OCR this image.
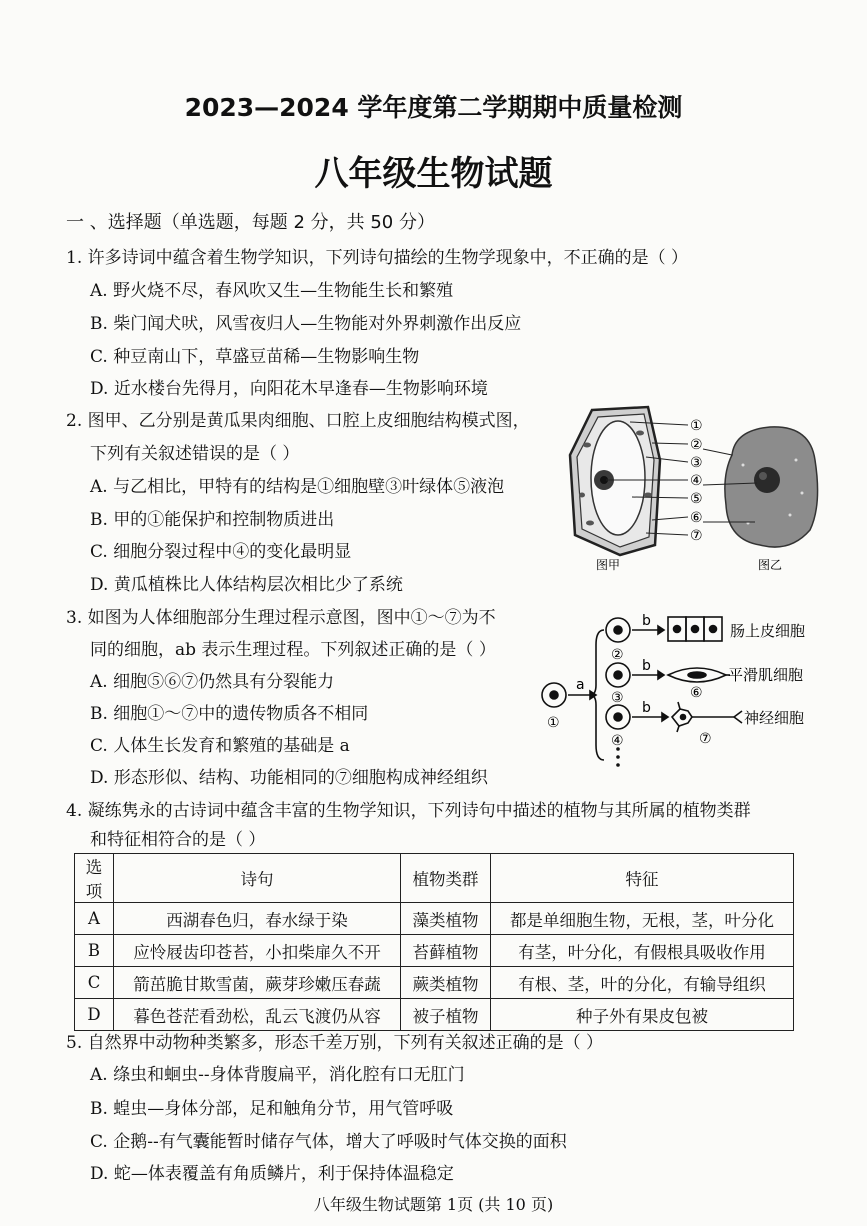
2023—2024 学年度第二学期期中质量检测
八年级生物试题
一 、选择题（单选题，每题 2 分，共 50 分）
1. 许多诗词中蕴含着生物学知识，下列诗句描绘的生物学现象中，不正确的是（ ）
A. 野火烧不尽，春风吹又生—生物能生长和繁殖
B. 柴门闻犬吠，风雪夜归人—生物能对外界刺激作出反应
C. 种豆南山下，草盛豆苗稀—生物影响生物
D. 近水楼台先得月，向阳花木早逢春—生物影响环境
2. 图甲、乙分别是黄瓜果肉细胞、口腔上皮细胞结构模式图，
下列有关叙述错误的是（ ）
A. 与乙相比，甲特有的结构是①细胞壁③叶绿体⑤液泡
B. 甲的①能保护和控制物质进出
C. 细胞分裂过程中④的变化最明显
D. 黄瓜植株比人体结构层次相比少了系统
①
②
③
④
⑤
⑥
⑦
图甲	图乙
3. 如图为人体细胞部分生理过程示意图，图中①～⑦为不
同的细胞，ab 表示生理过程。下列叙述正确的是（ ）
A. 细胞⑤⑥⑦仍然具有分裂能力
B. 细胞①～⑦中的遗传物质各不相同
C. 人体生长发育和繁殖的基础是 a
D. 形态形似、结构、功能相同的⑦细胞构成神经组织
a
b
b
b
①
②
③
④
⑥
⑦
肠上皮细胞
平滑肌细胞
神经细胞
4. 凝练隽永的古诗词中蕴含丰富的生物学知识，下列诗句中描述的植物与其所属的植物类群
和特征相符合的是（ ）
选项	诗句	植物类群	特征
A	西湖春色归，春水绿于染	藻类植物	都是单细胞生物，无根，茎，叶分化
B	应怜屐齿印苍苔，小扣柴扉久不开	苔藓植物	有茎，叶分化，有假根具吸收作用
C	箭茁脆甘欺雪菌，蕨芽珍嫩压春蔬	蕨类植物	有根、茎，叶的分化，有输导组织
D	暮色苍茫看劲松，乱云飞渡仍从容	被子植物	种子外有果皮包被
5. 自然界中动物种类繁多，形态千差万别，下列有关叙述正确的是（ ）
A. 绦虫和蛔虫--身体背腹扁平，消化腔有口无肛门
B. 蝗虫—身体分部，足和触角分节，用气管呼吸
C. 企鹅--有气囊能暂时储存气体，增大了呼吸时气体交换的面积
D. 蛇—体表覆盖有角质鳞片，利于保持体温稳定
八年级生物试题第 1页 (共 10 页)
